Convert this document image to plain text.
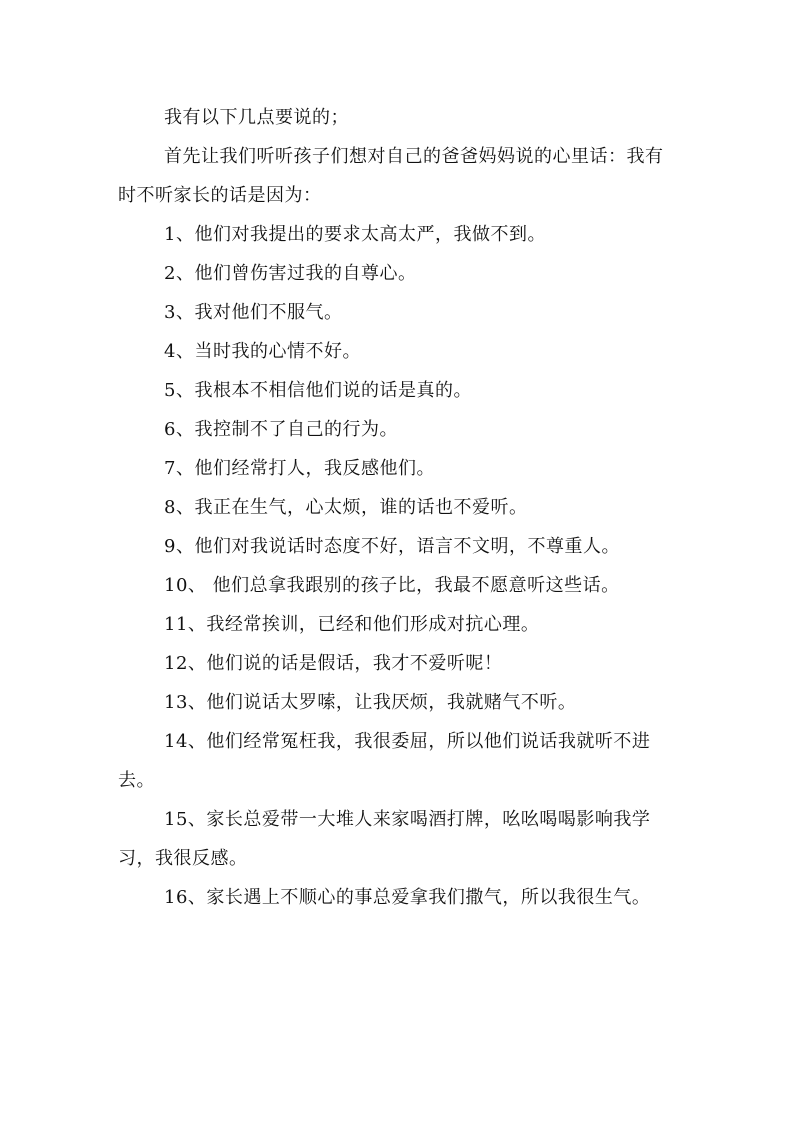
我有以下几点要说的；

首先让我们听听孩子们想对自己的爸爸妈妈说的心里话：我有时不听家长的话是因为：

1、他们对我提出的要求太高太严，我做不到。

2、他们曾伤害过我的自尊心。

3、我对他们不服气。

4、当时我的心情不好。

5、我根本不相信他们说的话是真的。

6、我控制不了自己的行为。

7、他们经常打人，我反感他们。

8、我正在生气，心太烦，谁的话也不爱听。

9、他们对我说话时态度不好，语言不文明，不尊重人。

10、 他们总拿我跟别的孩子比，我最不愿意听这些话。

11、我经常挨训，已经和他们形成对抗心理。

12、他们说的话是假话，我才不爱听呢！

13、他们说话太罗嗦，让我厌烦，我就赌气不听。

14、他们经常冤枉我，我很委屈，所以他们说话我就听不进去。

15、家长总爱带一大堆人来家喝酒打牌，吆吆喝喝影响我学习，我很反感。

16、家长遇上不顺心的事总爱拿我们撒气，所以我很生气。
